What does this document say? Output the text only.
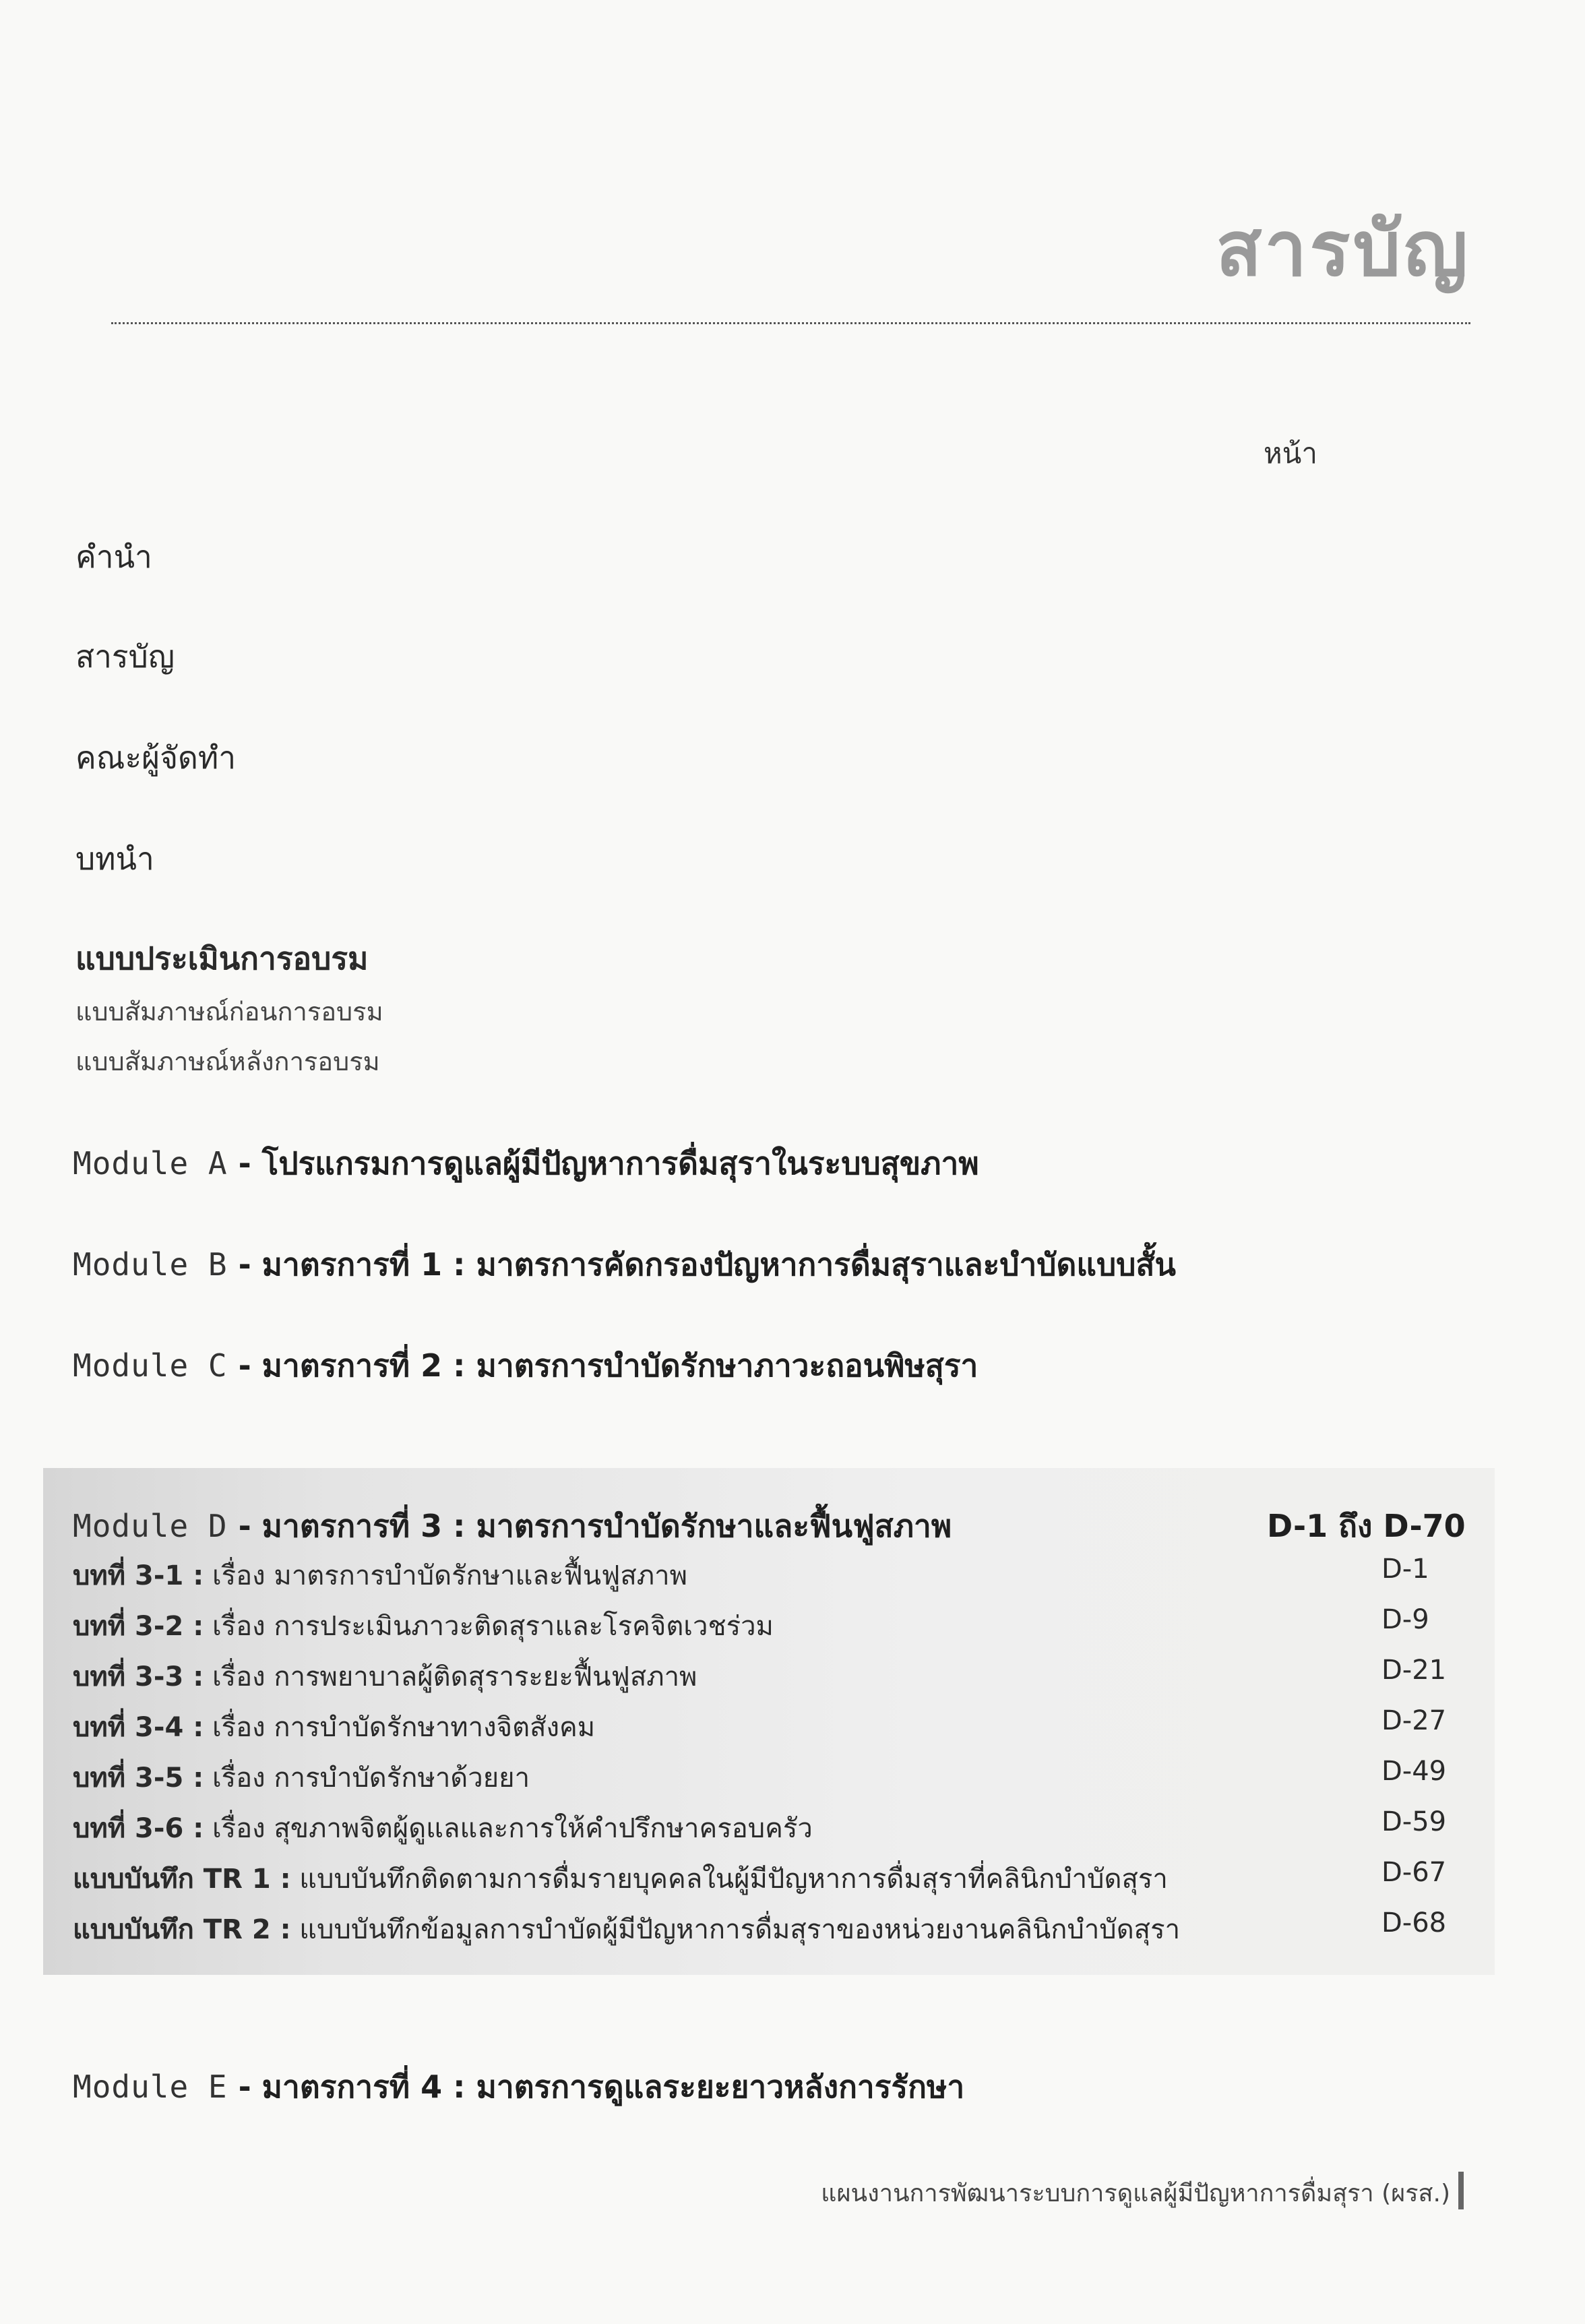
สารบัญ
หน้า
คำนำ
สารบัญ
คณะผู้จัดทำ
บทนำ
แบบประเมินการอบรม
แบบสัมภาษณ์ก่อนการอบรม
แบบสัมภาษณ์หลังการอบรม
Module A - โปรแกรมการดูแลผู้มีปัญหาการดื่มสุราในระบบสุขภาพ
Module B - มาตรการที่ 1 : มาตรการคัดกรองปัญหาการดื่มสุราและบำบัดแบบสั้น
Module C - มาตรการที่ 2 : มาตรการบำบัดรักษาภาวะถอนพิษสุรา
Module D - มาตรการที่ 3 : มาตรการบำบัดรักษาและฟื้นฟูสภาพ	D-1 ถึง D-70
บทที่ 3-1 : เรื่อง มาตรการบำบัดรักษาและฟื้นฟูสภาพ	D-1
บทที่ 3-2 : เรื่อง การประเมินภาวะติดสุราและโรคจิตเวชร่วม	D-9
บทที่ 3-3 : เรื่อง การพยาบาลผู้ติดสุราระยะฟื้นฟูสภาพ	D-21
บทที่ 3-4 : เรื่อง การบำบัดรักษาทางจิตสังคม	D-27
บทที่ 3-5 : เรื่อง การบำบัดรักษาด้วยยา	D-49
บทที่ 3-6 : เรื่อง สุขภาพจิตผู้ดูแลและการให้คำปรึกษาครอบครัว	D-59
แบบบันทึก TR 1 : แบบบันทึกติดตามการดื่มรายบุคคลในผู้มีปัญหาการดื่มสุราที่คลินิกบำบัดสุรา	D-67
แบบบันทึก TR 2 : แบบบันทึกข้อมูลการบำบัดผู้มีปัญหาการดื่มสุราของหน่วยงานคลินิกบำบัดสุรา	D-68
Module E - มาตรการที่ 4 : มาตรการดูแลระยะยาวหลังการรักษา
แผนงานการพัฒนาระบบการดูแลผู้มีปัญหาการดื่มสุรา (ผรส.)
